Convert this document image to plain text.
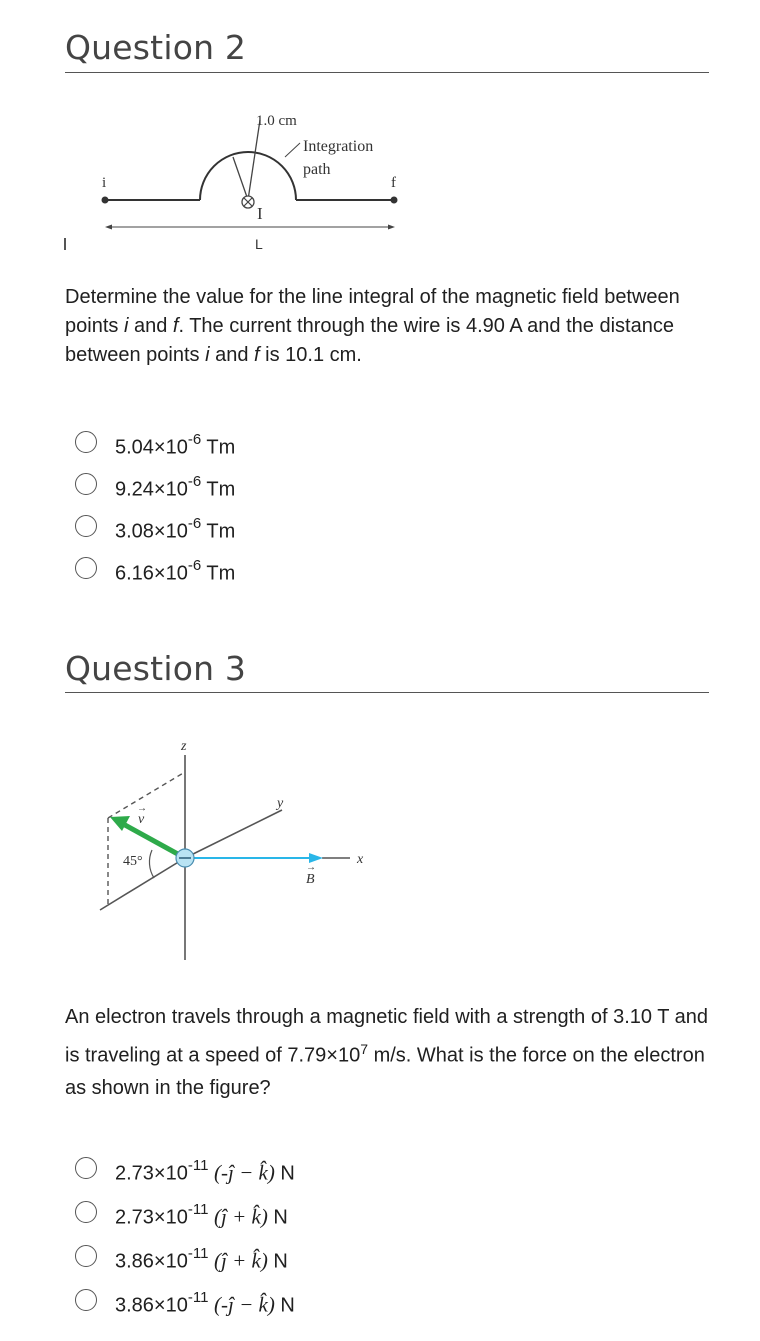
Question 2
1.0 cm
Integration
path
i	f
I
L
Determine the value for the line integral of the magnetic field between points i and f. The current through the wire is 4.90 A and the distance between points i and f is 10.1 cm.
$5.04\times 10^{-6}$ Tm
$9.24\times 10^{-6}$ Tm
$3.08\times 10^{-6}$ Tm
$6.16\times 10^{-6}$ Tm
Question 3
z
y
x
v
→
45°
B
→
An electron travels through a magnetic field with a strength of 3.10 T and is traveling at a speed of $7.79\times 10^7$ m/s. What is the force on the electron as shown in the figure?
$2.73\times 10^{-11}$ (-ĵ − k̂) N
$2.73\times 10^{-11}$ (ĵ + k̂) N
$3.86\times 10^{-11}$ (ĵ + k̂) N
$3.86\times 10^{-11}$ (-ĵ − k̂) N
